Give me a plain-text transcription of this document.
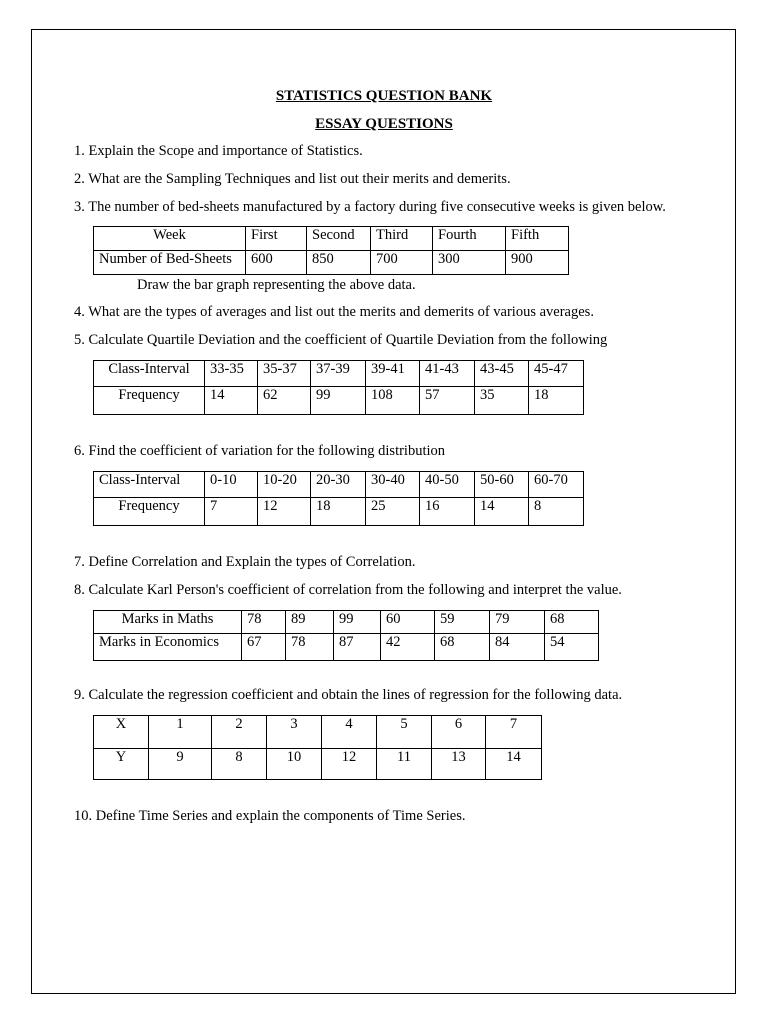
STATISTICS QUESTION BANK
ESSAY QUESTIONS
1. Explain the Scope and importance of Statistics.
2. What are the Sampling Techniques and list out their merits and demerits.
3. The number of bed-sheets manufactured by a factory during five consecutive weeks is given below.
Week	First	Second	Third	Fourth	Fifth
Number of Bed-Sheets	600	850	700	300	900
Draw the bar graph representing the above data.
4. What are the types of averages and list out the merits and demerits of various averages.
5. Calculate Quartile Deviation and the coefficient of Quartile Deviation from the following
Class-Interval	33-35	35-37	37-39	39-41	41-43	43-45	45-47
Frequency	14	62	99	108	57	35	18
6. Find the coefficient of variation for the following distribution
Class-Interval	0-10	10-20	20-30	30-40	40-50	50-60	60-70
Frequency	7	12	18	25	16	14	8
7. Define Correlation and Explain the types of Correlation.
8. Calculate Karl Person's coefficient of correlation from the following and interpret the value.
Marks in Maths	78	89	99	60	59	79	68
Marks in Economics	67	78	87	42	68	84	54
9. Calculate the regression coefficient and obtain the lines of regression for the following data.
X	1	2	3	4	5	6	7
Y	9	8	10	12	11	13	14
10. Define Time Series and explain the components of Time Series.
